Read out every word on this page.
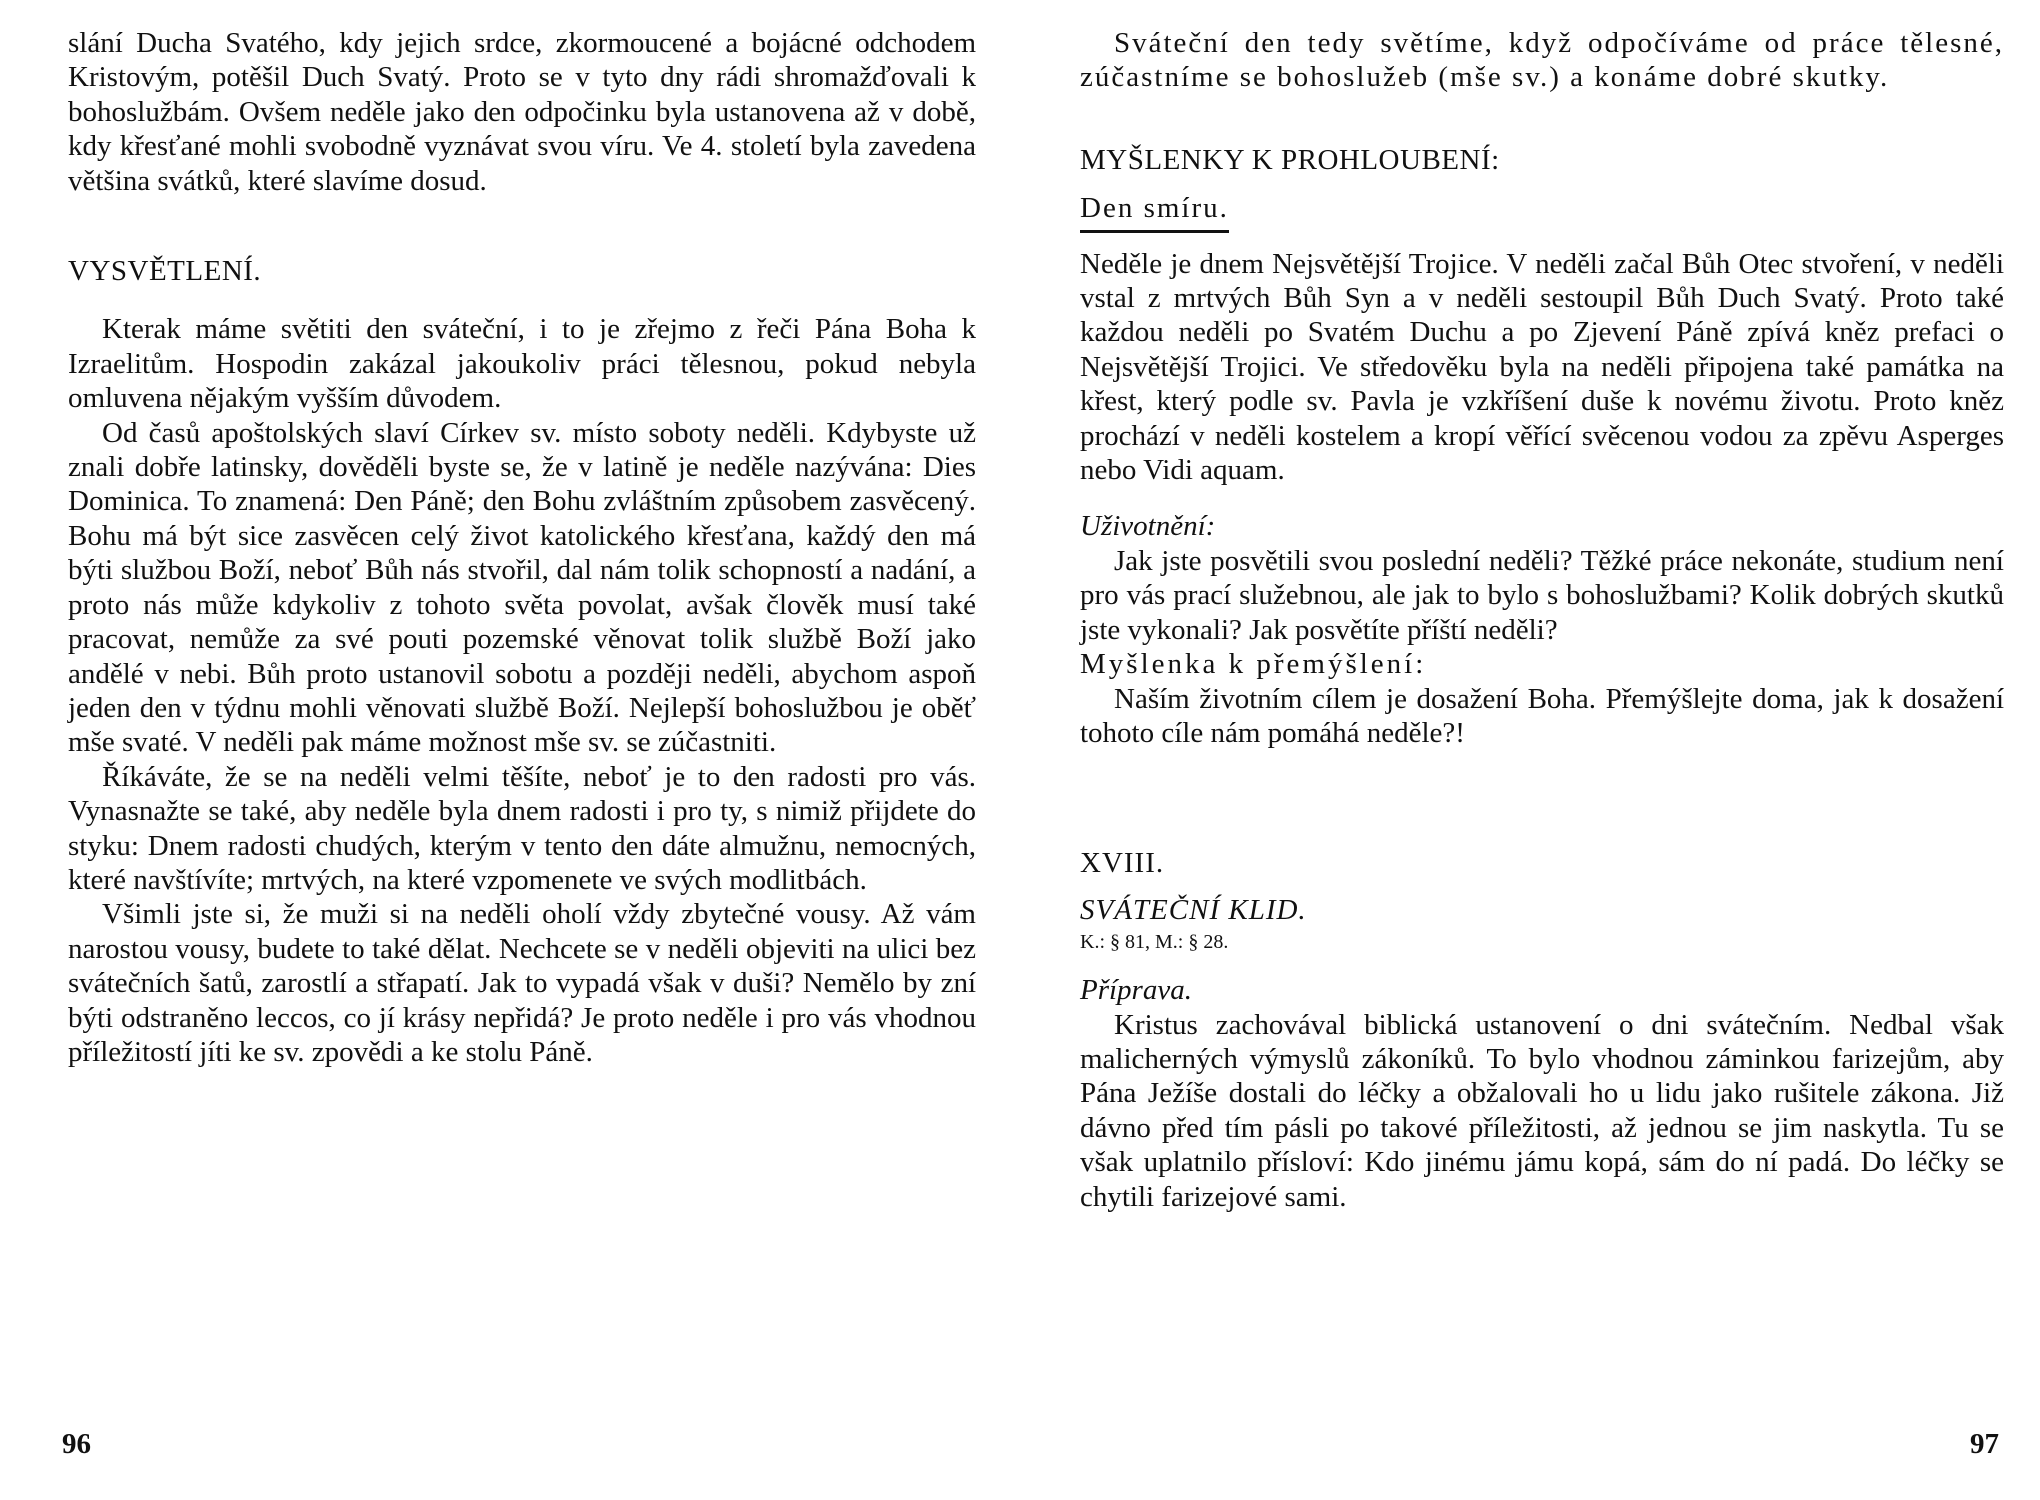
slání Ducha Svatého, kdy jejich srdce, zkormoucené a bojácné odchodem Kristovým, potěšil Duch Svatý. Proto se v tyto dny rádi shromažďovali k bohoslužbám. Ovšem neděle jako den odpočinku byla ustanovena až v době, kdy křesťané mohli svobodně vyznávat svou víru. Ve 4. století byla zavedena většina svátků, které slavíme dosud.

VYSVĚTLENÍ.

Kterak máme světiti den sváteční, i to je zřejmo z řeči Pána Boha k Izraelitům. Hospodin zakázal jakoukoliv práci tělesnou, pokud nebyla omluvena nějakým vyšším důvodem.

Od časů apoštolských slaví Církev sv. místo soboty neděli. Kdybyste už znali dobře latinsky, dověděli byste se, že v latině je neděle nazývána: Dies Dominica. To znamená: Den Páně; den Bohu zvláštním způsobem zasvěcený. Bohu má být sice zasvěcen celý život katolického křesťana, každý den má býti službou Boží, neboť Bůh nás stvořil, dal nám tolik schopností a nadání, a proto nás může kdykoliv z tohoto světa povolat, avšak člověk musí také pracovat, nemůže za své pouti pozemské věnovat tolik službě Boží jako andělé v nebi. Bůh proto ustanovil sobotu a později neděli, abychom aspoň jeden den v týdnu mohli věnovati službě Boží. Nejlepší bohoslužbou je oběť mše svaté. V neděli pak máme možnost mše sv. se zúčastniti.

Říkáváte, že se na neděli velmi těšíte, neboť je to den radosti pro vás. Vynasnažte se také, aby neděle byla dnem radosti i pro ty, s nimiž přijdete do styku: Dnem radosti chudých, kterým v tento den dáte almužnu, nemocných, které navštívíte; mrtvých, na které vzpomenete ve svých modlitbách.

Všimli jste si, že muži si na neděli oholí vždy zbytečné vousy. Až vám narostou vousy, budete to také dělat. Nechcete se v neděli objeviti na ulici bez svátečních šatů, zarostlí a střapatí. Jak to vypadá však v duši? Nemělo by zní býti odstraněno leccos, co jí krásy nepřidá? Je proto neděle i pro vás vhodnou příležitostí jíti ke sv. zpovědi a ke stolu Páně.

96

Sváteční den tedy světíme, když odpočíváme od práce tělesné, zúčastníme se bohoslužeb (mše sv.) a konáme dobré skutky.

MYŠLENKY K PROHLOUBENÍ:
Den smíru.

Neděle je dnem Nejsvětější Trojice. V neděli začal Bůh Otec stvoření, v neděli vstal z mrtvých Bůh Syn a v neděli sestoupil Bůh Duch Svatý. Proto také každou neděli po Svatém Duchu a po Zjevení Páně zpívá kněz prefaci o Nejsvětější Trojici. Ve středověku byla na neděli připojena také památka na křest, který podle sv. Pavla je vzkříšení duše k novému životu. Proto kněz prochází v neděli kostelem a kropí věřící svěcenou vodou za zpěvu Asperges nebo Vidi aquam.

Uživotnění:

Jak jste posvětili svou poslední neděli? Těžké práce nekonáte, studium není pro vás prací služebnou, ale jak to bylo s bohoslužbami? Kolik dobrých skutků jste vykonali? Jak posvětíte příští neděli?

Myšlenka k přemýšlení:

Naším životním cílem je dosažení Boha. Přemýšlejte doma, jak k dosažení tohoto cíle nám pomáhá neděle?!

XVIII.

SVÁTEČNÍ KLID.

K.: § 81, M.: § 28.

Příprava.

Kristus zachovával biblická ustanovení o dni svátečním. Nedbal však malicherných výmyslů zákoníků. To bylo vhodnou záminkou farizejům, aby Pána Ježíše dostali do léčky a obžalovali ho u lidu jako rušitele zákona. Již dávno před tím pásli po takové příležitosti, až jednou se jim naskytla. Tu se však uplatnilo přísloví: Kdo jinému jámu kopá, sám do ní padá. Do léčky se chytili farizejové sami.

97
